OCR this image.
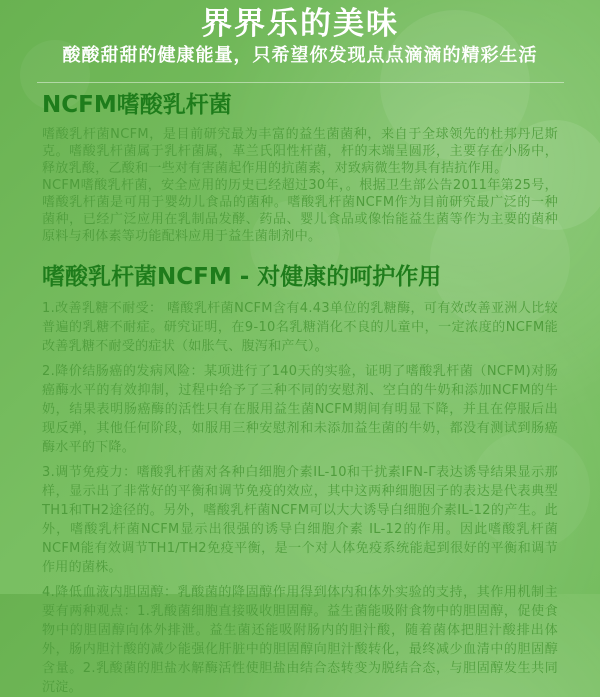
界界乐的美味
酸酸甜甜的健康能量，只希望你发现点点滴滴的精彩生活
NCFM嗜酸乳杆菌

嗜酸乳杆菌NCFM，是目前研究最为丰富的益生菌菌种，来自于全球领先的杜邦丹尼斯克。嗜酸乳杆菌属于乳杆菌属，革兰氏阳性杆菌，杆的末端呈圆形，主要存在小肠中，释放乳酸，乙酸和一些对有害菌起作用的抗菌素，对致病微生物具有拮抗作用。

NCFM嗜酸乳杆菌，安全应用的历史已经超过30年，。根据卫生部公告2011年第25号，嗜酸乳杆菌是可用于婴幼儿食品的菌种。嗜酸乳杆菌NCFM作为目前研究最广泛的一种菌种，已经广泛应用在乳制品发酵、药品、婴儿食品或像怡能益生菌等作为主要的菌种原料与利体素等功能配料应用于益生菌制剂中。

嗜酸乳杆菌NCFM - 对健康的呵护作用

1.改善乳糖不耐受： 嗜酸乳杆菌NCFM含有4.43单位的乳糖酶，可有效改善亚洲人比较普遍的乳糖不耐症。研究证明，在9-10名乳糖消化不良的儿童中，一定浓度的NCFM能改善乳糖不耐受的症状（如胀气、腹泻和产气）。

2.降价结肠癌的发病风险：某项进行了140天的实验，证明了嗜酸乳杆菌（NCFM)对肠癌酶水平的有效抑制，过程中给予了三种不同的安慰剂、空白的牛奶和添加NCFM的牛奶，结果表明肠癌酶的活性只有在服用益生菌NCFM期间有明显下降，并且在停服后出现反弹，其他任何阶段，如服用三种安慰剂和未添加益生菌的牛奶，都没有测试到肠癌酶水平的下降。

3.调节免疫力：嗜酸乳杆菌对各种白细胞介素IL-10和干扰素IFN-Γ表达诱导结果显示那样，显示出了非常好的平衡和调节免疫的效应，其中这两种细胞因子的表达是代表典型TH1和TH2途径的。另外，嗜酸乳杆菌NCFM可以大大诱导白细胞介素IL-12的产生。此外，嗜酸乳杆菌NCFM显示出很强的诱导白细胞介素 IL-12的作用。因此嗜酸乳杆菌NCFM能有效调节TH1/TH2免疫平衡，是一个对人体免疫系统能起到很好的平衡和调节作用的菌株。

4.降低血液内胆固醇：乳酸菌的降固醇作用得到体内和体外实验的支持，其作用机制主要有两种观点：1.乳酸菌细胞直接吸收胆固醇。益生菌能吸附食物中的胆固醇，促使食物中的胆固醇向体外排泄。益生菌还能吸附肠内的胆汁酸，随着菌体把胆汁酸排出体外，肠内胆汁酸的减少能强化肝脏中的胆固醇向胆汁酸转化，最终减少血清中的胆固醇含量。2.乳酸菌的胆盐水解酶活性使胆盐由结合态转变为脱结合态，与胆固醇发生共同沉淀。
